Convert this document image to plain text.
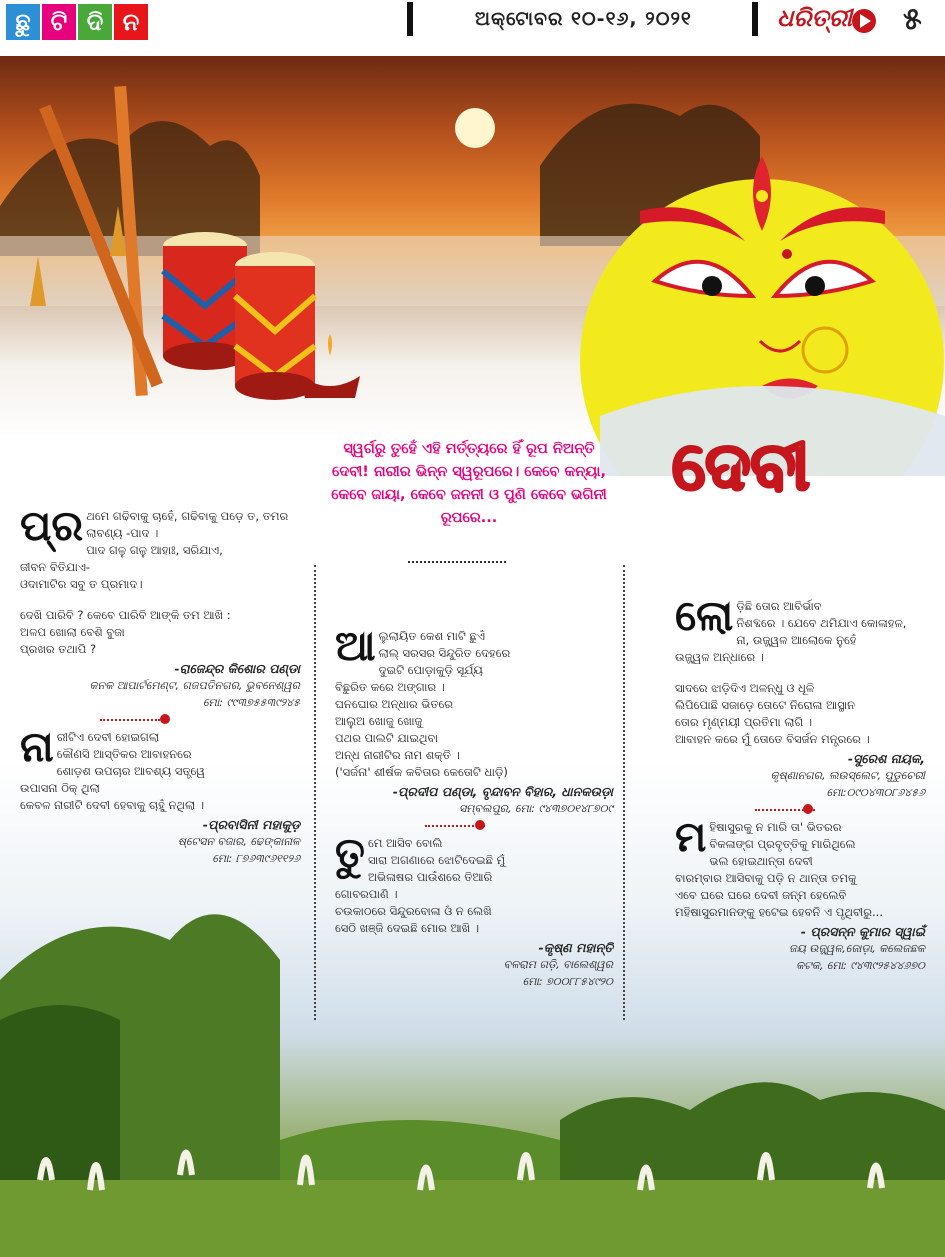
ଛୁ ଟି ଦି ନ	ଅକ୍ଟୋବର ୧୦-୧୬, ୨୦୨୧	ଧରିତ୍ରୀ ୫
ଦେବୀ
ସ୍ୱର୍ଗରୁ ତୁହେଁ ଏହି ମର୍ତ୍ତ୍ୟରେ ହିଁ ରୂପ ନିଅନ୍ତି ଦେବୀ! ନାରୀର ଭିନ୍ନ ସ୍ୱରୂପରେ। କେବେ କନ୍ୟା, କେବେ ଜାୟା, କେବେ ଜନନୀ ଓ ପୁଣି କେବେ ଭଗିନୀ ରୂପରେ...
ପ୍ର ଥମେ ଗଢିବାକୁ ଚାହେଁ, ଗଢିବାକୁ ପଡ଼େ ତ, ତମର
ଲାବଣ୍ୟ -ପାଦ ।
ପାଦ ଗଳୁ ଗଳୁ ଆହାଃ, ସରିଯାଏ,
ଜୀବନ ବିତିଯାଏ-
ଓଦାମାଟିର ସବୁ ତ ପ୍ରମାଦ।
ଦେଖି ପାରିବି ? କେବେ ପାରିବି ଆଙ୍କି ତମ ଆଖି :
ଅଳପ ଖୋଲା ବେଶି ବୁଜା
ପ୍ରଖର ତଥାପି ?
-ରାଜେନ୍ଦ୍ର କିଶୋର ପଣ୍ଡା
କନକ ଆପାର୍ଟମେଣ୍ଟ, ଗଜପତିନଗର, ଭୁବନେଶ୍ୱର
ମୋ: ୯୯୩୭୫୫୩୯୨୪୫
ନା ରୀଟିଏ ଦେବୀ ହୋଇଗଲା
କୌଣସି ଆସ୍ତିକର ଆବାହନରେ
ଶୋଡ଼ଶ ଉପଚାର ଆବଶ୍ୟ ସତ୍ତ୍ୱେ
ଉପାସନା ଠିକ୍ ଥିଲା
କେବଳ ନାରୀଟି ଦେବୀ ହେବାକୁ ଚାହୁଁ ନଥିଲା ।
-ପ୍ରବାସିନୀ ମହାକୁଡ଼
ଷ୍ଟେସନ ବଜାର, ଢେଙ୍କାନାଳ
ମୋ: ୮୭୬୩୯୬୧୧୨୬
ଆ ଲୁଲାୟିତ କେଶ ମାଟି ଛୁଏଁ
ଲାଲ୍ ସରସର ସିନ୍ଦୁରିତ ଦେହରେ
ଦୁଇଟି ପୋଡ଼ାକୁଡ଼ି ସୂର୍ଯ୍ୟ
ବିଛୁରିତ କରେ ଅଙ୍ଗାର ।
ଘନଘୋର ଅନ୍ଧାର ଭିତରେ
ଆଲୁଅ ଖୋଜୁ ଖୋଜୁ
ପଥର ପାଲଟି ଯାଇଥିବା
ଅନ୍ଧ ନାରୀଟିର ନାମ ଶକ୍ତି ।
('ସର୍ଜନା' ଶୀର୍ଷକ କବିତାର କେତୋଟି ଧାଡ଼ି)
-ପ୍ରଦୀପ ପଣ୍ଡା, ବୃନ୍ଦାବନ ବିହାର, ଧାନକଉଡ଼ା
ସମ୍ବଲପୁର, ମୋ: ୯୪୩୭୦୧୪୮୭୦୯
ତୁ ମେ ଆସିବ ବୋଲି
ସାରା ଅଗଣାରେ ଝୋଟିଦେଇଛି ମୁଁ
ଅଭିଳାଷର ପାଉଁଶରେ ତିଆରି
ଗୋବରପାଣି ।
ଚଉକାଠରେ ସିନ୍ଦୁରବୋଳା ଓଁ ନ ଲେଖି
ସେଠି ଖଞ୍ଜି ଦେଇଛି ମୋର ଆଖି ।
-କୃଷ୍ଣ ମହାନ୍ତି
ବଳରାମ ଗଡ଼ି, ବାଲେଶ୍ୱର
ମୋ: ୭୦୦୮୮୫୪୯୨୦
ଲୋ ଡ଼ିଛି ତୋର ଆବିର୍ଭାବ
ନିଶବ୍ଦରେ । ଯେବେ ଥମିଯାଏ କୋଳାହଳ,
ନା, ଉଜ୍ଜ୍ୱଳ ଆଲୋକେ ନୁହେଁ
ଉଜ୍ଜ୍ୱଳ ଅନ୍ଧାରେ ।
ସାଦରେ ଝାଡ଼ିଦିଏ ଅଳନ୍ଧୁ ଓ ଧୂଳି
ଲିପିପୋଛି ସଜାଡ଼େ ତୋଟେ ନିରୋଳା ଆସ୍ଥାନ
ତୋର ମୃଣ୍ମୟୀ ପ୍ରତିମା ଲାଗି ।
ଆବାହନ କରେ ମୁଁ ତୋତେ ବିସର୍ଜନ ମନ୍ତ୍ରରେ ।
-ସୁରେଶ ନାୟକ,
କୃଷ୍ଣାନଗର, ଲଉସ୍ଲେଟ, ପୁଡୁଚେରୀ
ମୋ:୦୯୦୪୩୦୮୬୪୫୬
ମ ହିଷାସୁରକୁ ନ ମାରି ତା' ଭିତରର
ବିକଳାଙ୍ଗ ପ୍ରବୃତ୍ତିକୁ ମାରିଥିଲେ
ଭଲ ହୋଇଥାନ୍ତା ଦେବୀ
ବାରମ୍ବାର ଆସିବାକୁ ପଡ଼ି ନ ଥାନ୍ତା ତମକୁ
ଏବେ ଘରେ ଘରେ ଦେବୀ ଜନ୍ମ ହେଲେବି
ମହିଷାସୁରମାନଙ୍କୁ ହଟେଇ ହେବନି ଏ ପୃଥିବୀରୁ...
- ପ୍ରସନ୍ନ କୁମାର ସ୍ୱାଇଁ
ଜୟ ଉଜ୍ଜ୍ୱଳ,ଜୋଡ଼ା, କଲେଜଛକ
କଟକ, ମୋ: ୯୪୩୯୨୫୪୪୬୭୦
